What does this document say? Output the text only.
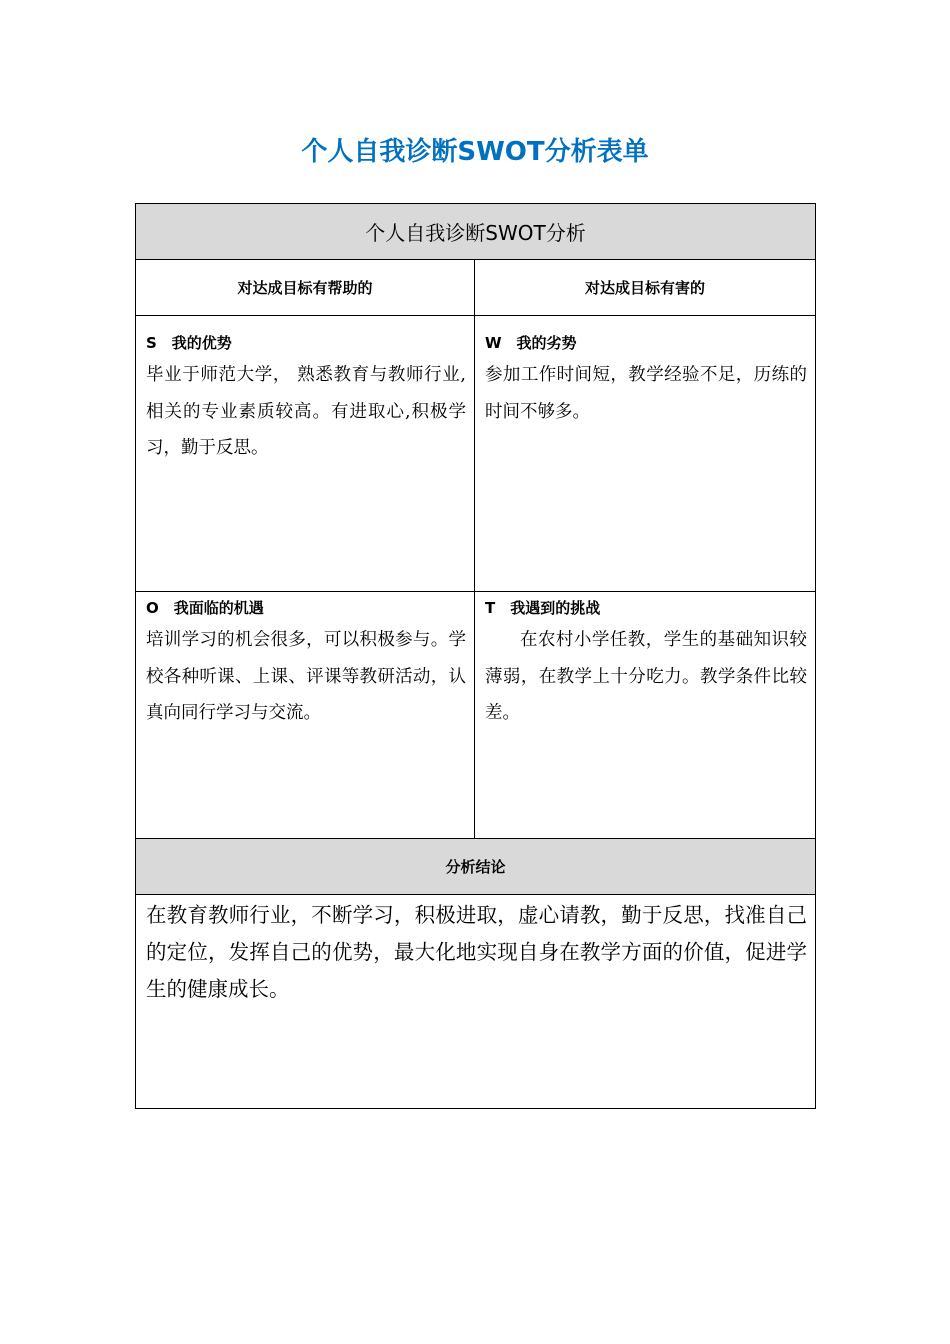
个人自我诊断SWOT分析表单
个人自我诊断SWOT分析
对达成目标有帮助的	对达成目标有害的
S　我的优势
毕业于师范大学， 熟悉教育与教师行业,相关的专业素质较高。有进取心,积极学习，勤于反思。
W　我的劣势
参加工作时间短，教学经验不足，历练的时间不够多。
O　我面临的机遇
培训学习的机会很多，可以积极参与。学校各种听课、上课、评课等教研活动，认真向同行学习与交流。
T　我遇到的挑战
在农村小学任教，学生的基础知识较薄弱，在教学上十分吃力。教学条件比较差。
分析结论
在教育教师行业，不断学习，积极进取，虚心请教，勤于反思，找准自己的定位，发挥自己的优势，最大化地实现自身在教学方面的价值，促进学生的健康成长。
